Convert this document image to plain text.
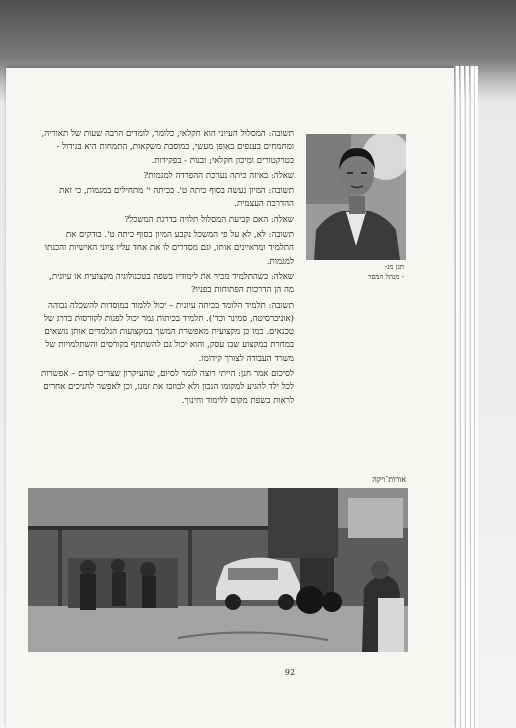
תשובה: המסלול העיוני הוא חקלאי, כלומר, לומדים הרבה שעות של תאוריה, ומתמחים בענפים באופן מעשי, כמוסבת משקאות, התמחות היא בגידול - בטרקטורים ומיכון חקלאי; ובנות - בפקידות.

שאלה: באיזה כיתה נערכת ההפרדה למגמות?

תשובה: המיון נעשה בסוף כיתה ט'. בכיתה י' מתחילים במגמות, כי זאת ההדרכה העצמית.

שאלה: האם קביעת המסלול תלויה בדרגת המשכל?

תשובה: לא, לא על פי המשכל נקבע המיון בסוף כיתה ט'. בודקים את התלמיד ומראיינים אותו, וגם מסדרים לו את אחד עליו ציוני האישיות והכנתו למגמות.

שאלה: כשהתלמיד מכיר את לימודיו בשפה בטכנולוגיה מקצועית או עיונית, מה הן הדרכות הפתוחות בפניו?

תשובה: תלמיד הלומד בכיתה עיונית – יכול ללמוד במוסדות להשכלה גבוהה (אוניברסיטה, סמינר וכד'). תלמיד בכיתות גמר יכול לפנות לקורסות בדרג של טכנאים. כמו כן מקצועית מאפשרת המשך במקצועות הנלמדים אותן נושאים במחרת במקצוע שבו עסק, והוא יכול גם להשתתף בקורסים והשתלמויות של משרד העבודה לצורך קידומו.

לסיכום אמר חנן: הייתי רוצה לומר לסיום, שהעיקרון שצריכו קודם – אפשרות לכל ילד להגיע למקומו הנכון ולא לבוזבז את זמנו, וכן לאפשר לחניכים אחרים לראות בשפת מקום ללימוד וחינוך.

חנן מנ-
- מנהל המפר
אורות־ויקה
92
